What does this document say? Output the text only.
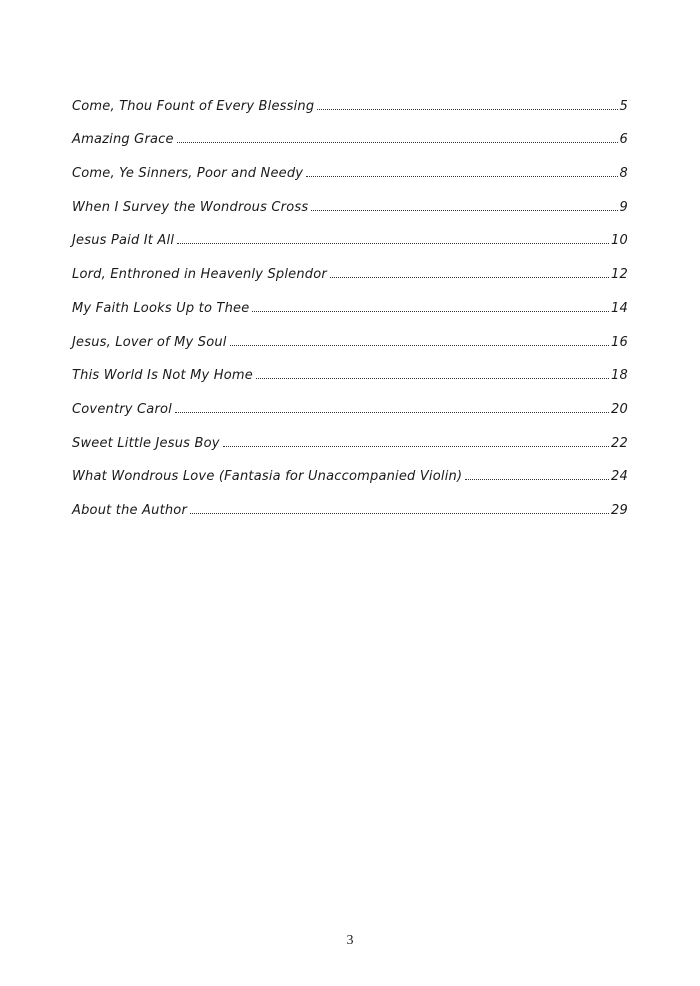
Come, Thou Fount of Every Blessing	5
Amazing Grace	6
Come, Ye Sinners, Poor and Needy	8
When I Survey the Wondrous Cross	9
Jesus Paid It All	10
Lord, Enthroned in Heavenly Splendor	12
My Faith Looks Up to Thee	14
Jesus, Lover of My Soul	16
This World Is Not My Home	18
Coventry Carol	20
Sweet Little Jesus Boy	22
What Wondrous Love (Fantasia for Unaccompanied Violin)	24
About the Author	29
3
